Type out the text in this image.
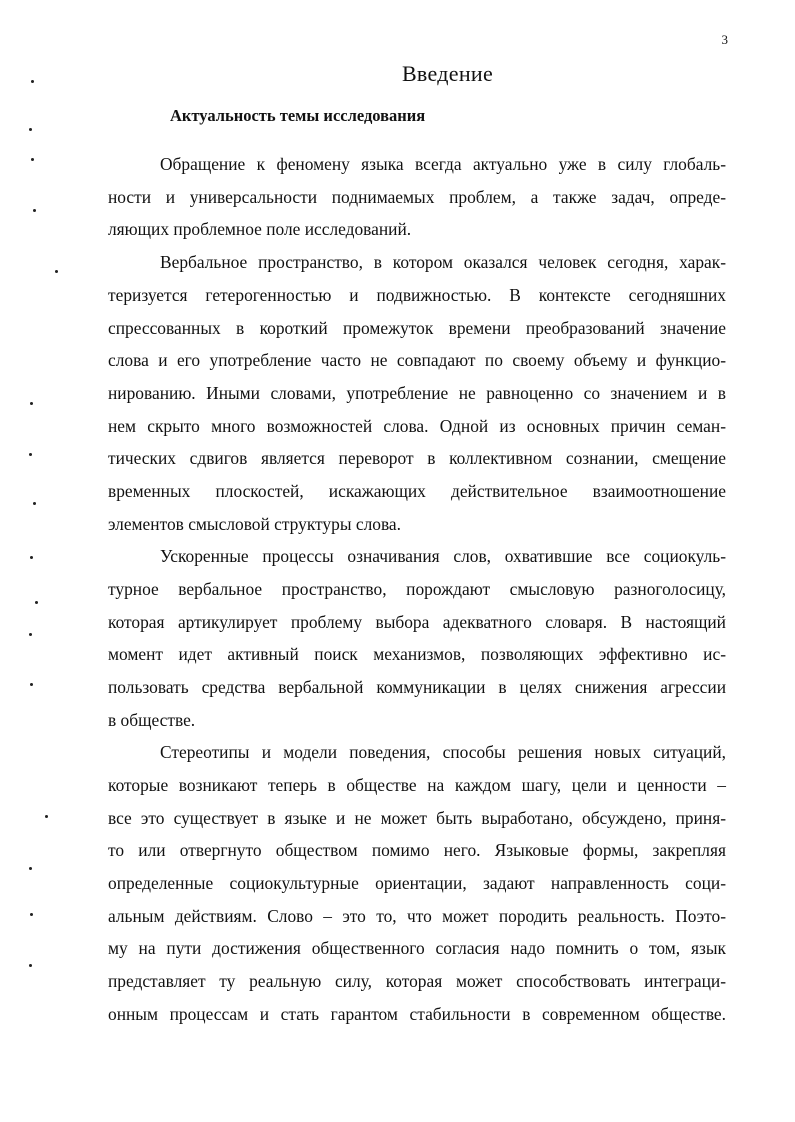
3
Введение
Актуальность темы исследования
Обращение к феномену языка всегда актуально уже в силу глобаль-
ности и универсальности поднимаемых проблем, а также задач, опреде-
ляющих проблемное поле исследований.
Вербальное пространство, в котором оказался человек сегодня, харак-
теризуется гетерогенностью и подвижностью. В контексте сегодняшних
спрессованных в короткий промежуток времени преобразований значение
слова и его употребление часто не совпадают по своему объему и функцио-
нированию. Иными словами, употребление не равноценно со значением и в
нем скрыто много возможностей слова. Одной из основных причин семан-
тических сдвигов является переворот в коллективном сознании, смещение
временных плоскостей, искажающих действительное взаимоотношение
элементов смысловой структуры слова.
Ускоренные процессы означивания слов, охватившие все социокуль-
турное вербальное пространство, порождают смысловую разноголосицу,
которая артикулирует проблему выбора адекватного словаря. В настоящий
момент идет активный поиск механизмов, позволяющих эффективно ис-
пользовать средства вербальной коммуникации в целях снижения агрессии
в обществе.
Стереотипы и модели поведения, способы решения новых ситуаций,
которые возникают теперь в обществе на каждом шагу, цели и ценности –
все это существует в языке и не может быть выработано, обсуждено, приня-
то или отвергнуто обществом помимо него. Языковые формы, закрепляя
определенные социокультурные ориентации, задают направленность соци-
альным действиям. Слово – это то, что может породить реальность. Поэто-
му на пути достижения общественного согласия надо помнить о том, язык
представляет ту реальную силу, которая может способствовать интеграци-
онным процессам и стать гарантом стабильности в современном обществе.
